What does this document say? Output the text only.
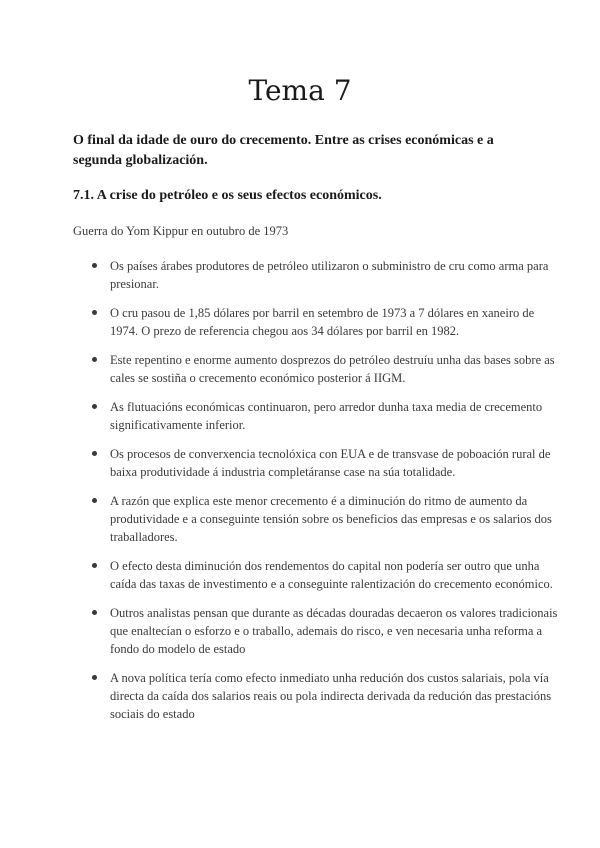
Tema 7

O final da idade de ouro do crecemento. Entre as crises económicas e a segunda globalización.

7.1. A crise do petróleo e os seus efectos económicos.

Guerra do Yom Kippur en outubro de 1973

Os países árabes produtores de petróleo utilizaron o subministro de cru como arma para presionar.
O cru pasou de 1,85 dólares por barril en setembro de 1973 a 7 dólares en xaneiro de 1974. O prezo de referencia chegou aos 34 dólares por barril en 1982.
Este repentino e enorme aumento dosprezos do petróleo destruíu unha das bases sobre as cales se sostiña o crecemento económico posterior á IIGM.
As flutuacións económicas continuaron, pero arredor dunha taxa media de crecemento significativamente inferior.
Os procesos de converxencia tecnolóxica con EUA e de transvase de poboación rural de baixa produtividade á industria completáranse case na súa totalidade.
A razón que explica este menor crecemento é a diminución do ritmo de aumento da produtividade e a conseguinte tensión sobre os beneficios das empresas e os salarios dos traballadores.
O efecto desta diminución dos rendementos do capital non podería ser outro que unha caída das taxas de investimento e a conseguinte ralentización do crecemento económico.
Outros analistas pensan que durante as décadas douradas decaeron os valores tradicionais que enaltecían o esforzo e o traballo, ademais do risco, e ven necesaria unha reforma a fondo do modelo de estado
A nova política tería como efecto inmediato unha redución dos custos salariais, pola vía directa da caída dos salarios reais ou pola indirecta derivada da redución das prestacións sociais do estado
